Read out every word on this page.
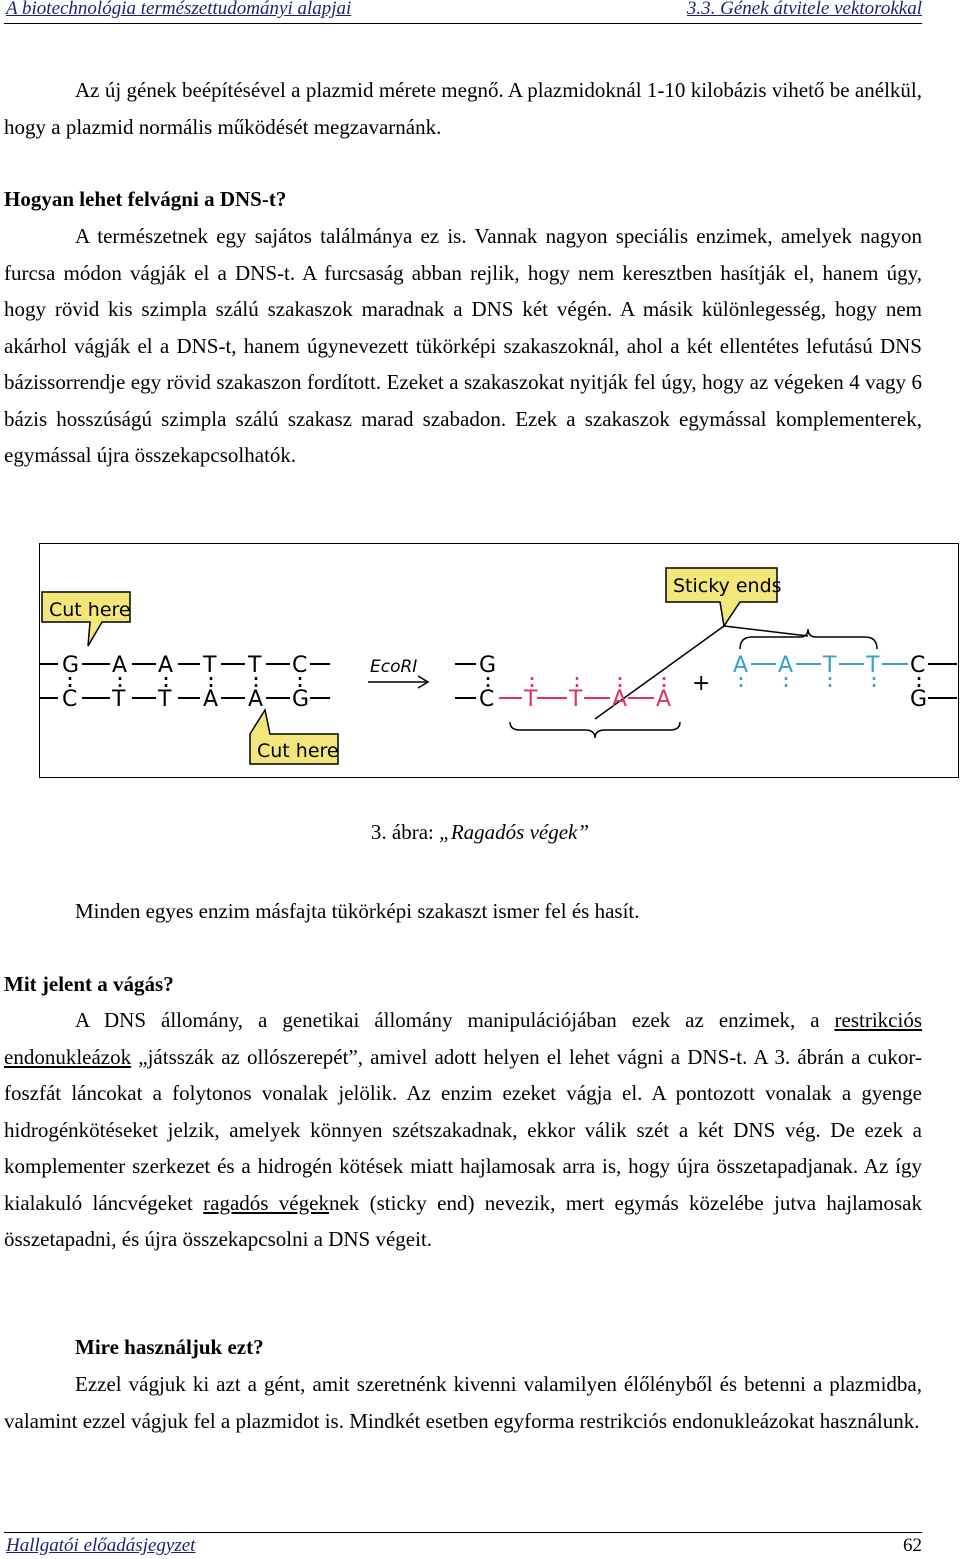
A biotechnológia természettudományi alapjai	3.3. Gének átvitele vektorokkal

Az új gének beépítésével a plazmid mérete megnő. A plazmidoknál 1-10 kilobázis vihető be anélkül, hogy a plazmid normális működését megzavarnánk.

Hogyan lehet felvágni a DNS-t?

A természetnek egy sajátos találmánya ez is. Vannak nagyon speciális enzimek, amelyek nagyon furcsa módon vágják el a DNS-t. A furcsaság abban rejlik, hogy nem keresztben hasítják el, hanem úgy, hogy rövid kis szimpla szálú szakaszok maradnak a DNS két végén. A másik különlegesség, hogy nem akárhol vágják el a DNS-t, hanem úgynevezett tükörképi szakaszoknál, ahol a két ellentétes lefutású DNS bázissorrendje egy rövid szakaszon fordított. Ezeket a szakaszokat nyitják fel úgy, hogy az végeken 4 vagy 6 bázis hosszúságú szimpla szálú szakasz marad szabadon. Ezek a szakaszok egymással komplementerek, egymással újra összekapcsolhatók.

Cut here
Sticky ends
G A A T T C
C T T A A G
Cut here
EcoRI	G
C T T A A
+
A A T T C
G
3. ábra: „Ragadós végek”

Minden egyes enzim másfajta tükörképi szakaszt ismer fel és hasít.

Mit jelent a vágás?

A DNS állomány, a genetikai állomány manipulációjában ezek az enzimek, a restrikciós endonukleázok „játsszák az ollószerepét”, amivel adott helyen el lehet vágni a DNS-t. A 3. ábrán a cukor-foszfát láncokat a folytonos vonalak jelölik. Az enzim ezeket vágja el. A pontozott vonalak a gyenge hidrogénkötéseket jelzik, amelyek könnyen szétszakadnak, ekkor válik szét a két DNS vég. De ezek a komplementer szerkezet és a hidrogén kötések miatt hajlamosak arra is, hogy újra összetapadjanak. Az így kialakuló láncvégeket ragadós végeknek (sticky end) nevezik, mert egymás közelébe jutva hajlamosak összetapadni, és újra összekapcsolni a DNS végeit.

Mire használjuk ezt?

Ezzel vágjuk ki azt a gént, amit szeretnénk kivenni valamilyen élőlényből és betenni a plazmidba, valamint ezzel vágjuk fel a plazmidot is. Mindkét esetben egyforma restrikciós endonukleázokat használunk.

Hallgatói előadásjegyzet	62
